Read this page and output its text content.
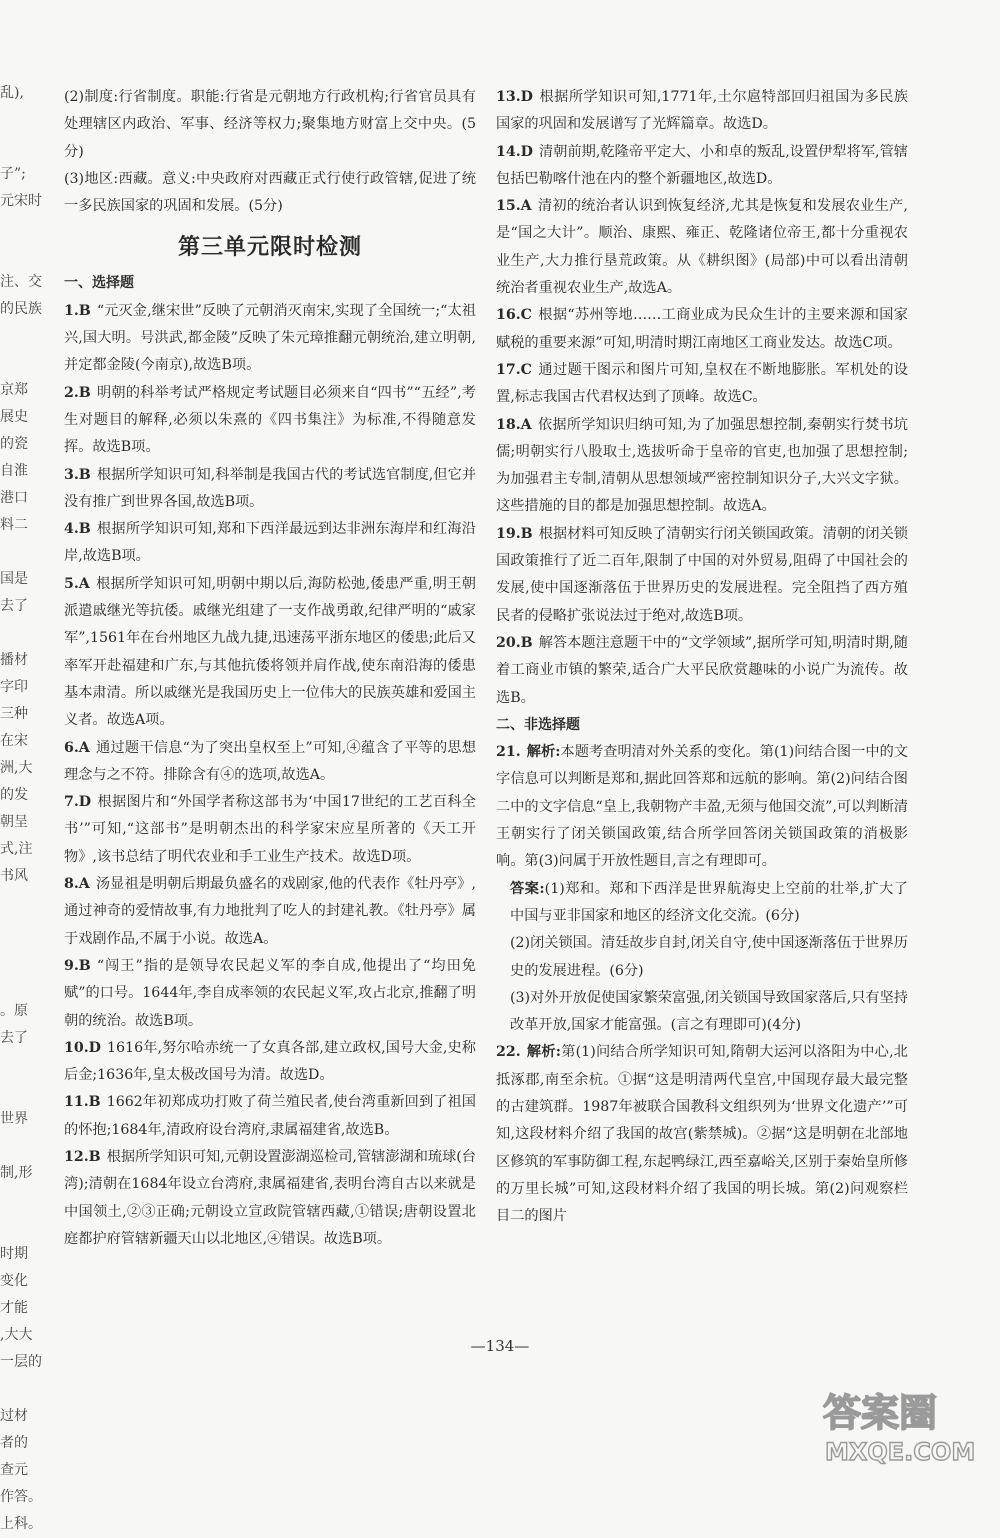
乱),
子”;
元宋时
注、交
的民族
京郑
展史
的瓷
自淮
港口
料二
国是
去了
播材
字印
三种
在宋
洲,大
的发
朝呈
式,注
书风
。原
去了
世界
制,形
时期
变化
才能
,大大
一层的
过材
者的
查元
作答。
上科。

(2)制度:行省制度。职能:行省是元朝地方行政机构;行省官员具有处理辖区内政治、军事、经济等权力;聚集地方财富上交中央。(5分)

(3)地区:西藏。意义:中央政府对西藏正式行使行政管辖,促进了统一多民族国家的巩固和发展。(5分)

第三单元限时检测
一、选择题

1.B “元灭金,继宋世”反映了元朝消灭南宋,实现了全国统一;“太祖兴,国大明。号洪武,都金陵”反映了朱元璋推翻元朝统治,建立明朝,并定都金陵(今南京),故选B项。

2.B 明朝的科举考试严格规定考试题目必须来自“四书”“五经”,考生对题目的解释,必须以朱熹的《四书集注》为标准,不得随意发挥。故选B项。

3.B 根据所学知识可知,科举制是我国古代的考试选官制度,但它并没有推广到世界各国,故选B项。

4.B 根据所学知识可知,郑和下西洋最远到达非洲东海岸和红海沿岸,故选B项。

5.A 根据所学知识可知,明朝中期以后,海防松弛,倭患严重,明王朝派遣戚继光等抗倭。戚继光组建了一支作战勇敢,纪律严明的“戚家军”,1561年在台州地区九战九捷,迅速荡平浙东地区的倭患;此后又率军开赴福建和广东,与其他抗倭将领并肩作战,使东南沿海的倭患基本肃清。所以戚继光是我国历史上一位伟大的民族英雄和爱国主义者。故选A项。

6.A 通过题干信息“为了突出皇权至上”可知,④蕴含了平等的思想理念与之不符。排除含有④的选项,故选A。

7.D 根据图片和“外国学者称这部书为‘中国17世纪的工艺百科全书’”可知,“这部书”是明朝杰出的科学家宋应星所著的《天工开物》,该书总结了明代农业和手工业生产技术。故选D项。

8.A 汤显祖是明朝后期最负盛名的戏剧家,他的代表作《牡丹亭》,通过神奇的爱情故事,有力地批判了吃人的封建礼教。《牡丹亭》属于戏剧作品,不属于小说。故选A。

9.B “闯王”指的是领导农民起义军的李自成,他提出了“均田免赋”的口号。1644年,李自成率领的农民起义军,攻占北京,推翻了明朝的统治。故选B项。

10.D 1616年,努尔哈赤统一了女真各部,建立政权,国号大金,史称后金;1636年,皇太极改国号为清。故选D。

11.B 1662年初郑成功打败了荷兰殖民者,使台湾重新回到了祖国的怀抱;1684年,清政府设台湾府,隶属福建省,故选B。

12.B 根据所学知识可知,元朝设置澎湖巡检司,管辖澎湖和琉球(台湾);清朝在1684年设立台湾府,隶属福建省,表明台湾自古以来就是中国领土,②③正确;元朝设立宣政院管辖西藏,①错误;唐朝设置北庭都护府管辖新疆天山以北地区,④错误。故选B项。

13.D 根据所学知识可知,1771年,土尔扈特部回归祖国为多民族国家的巩固和发展谱写了光辉篇章。故选D。

14.D 清朝前期,乾隆帝平定大、小和卓的叛乱,设置伊犁将军,管辖包括巴勒喀什池在内的整个新疆地区,故选D。

15.A 清初的统治者认识到恢复经济,尤其是恢复和发展农业生产,是“国之大计”。顺治、康熙、雍正、乾隆诸位帝王,都十分重视农业生产,大力推行垦荒政策。从《耕织图》(局部)中可以看出清朝统治者重视农业生产,故选A。

16.C 根据“苏州等地……工商业成为民众生计的主要来源和国家赋税的重要来源”可知,明清时期江南地区工商业发达。故选C项。

17.C 通过题干图示和图片可知,皇权在不断地膨胀。军机处的设置,标志我国古代君权达到了顶峰。故选C。

18.A 依据所学知识归纳可知,为了加强思想控制,秦朝实行焚书坑儒;明朝实行八股取士,选拔听命于皇帝的官吏,也加强了思想控制;为加强君主专制,清朝从思想领域严密控制知识分子,大兴文字狱。这些措施的目的都是加强思想控制。故选A。

19.B 根据材料可知反映了清朝实行闭关锁国政策。清朝的闭关锁国政策推行了近二百年,限制了中国的对外贸易,阻碍了中国社会的发展,使中国逐渐落伍于世界历史的发展进程。完全阻挡了西方殖民者的侵略扩张说法过于绝对,故选B项。

20.B 解答本题注意题干中的“文学领域”,据所学可知,明清时期,随着工商业市镇的繁荣,适合广大平民欣赏趣味的小说广为流传。故选B。

二、非选择题

21. 解析:本题考查明清对外关系的变化。第(1)问结合图一中的文字信息可以判断是郑和,据此回答郑和远航的影响。第(2)问结合图二中的文字信息“皇上,我朝物产丰盈,无须与他国交流”,可以判断清王朝实行了闭关锁国政策,结合所学回答闭关锁国政策的消极影响。第(3)问属于开放性题目,言之有理即可。

答案:(1)郑和。郑和下西洋是世界航海史上空前的壮举,扩大了中国与亚非国家和地区的经济文化交流。(6分)

(2)闭关锁国。清廷故步自封,闭关自守,使中国逐渐落伍于世界历史的发展进程。(6分)

(3)对外开放促使国家繁荣富强,闭关锁国导致国家落后,只有坚持改革开放,国家才能富强。(言之有理即可)(4分)

22. 解析:第(1)问结合所学知识可知,隋朝大运河以洛阳为中心,北抵涿郡,南至余杭。①据“这是明清两代皇宫,中国现存最大最完整的古建筑群。1987年被联合国教科文组织列为‘世界文化遗产’”可知,这段材料介绍了我国的故宫(紫禁城)。②据“这是明朝在北部地区修筑的军事防御工程,东起鸭绿江,西至嘉峪关,区别于秦始皇所修的万里长城”可知,这段材料介绍了我国的明长城。第(2)问观察栏目二的图片

—134—
答案圈
MXQE.COM
